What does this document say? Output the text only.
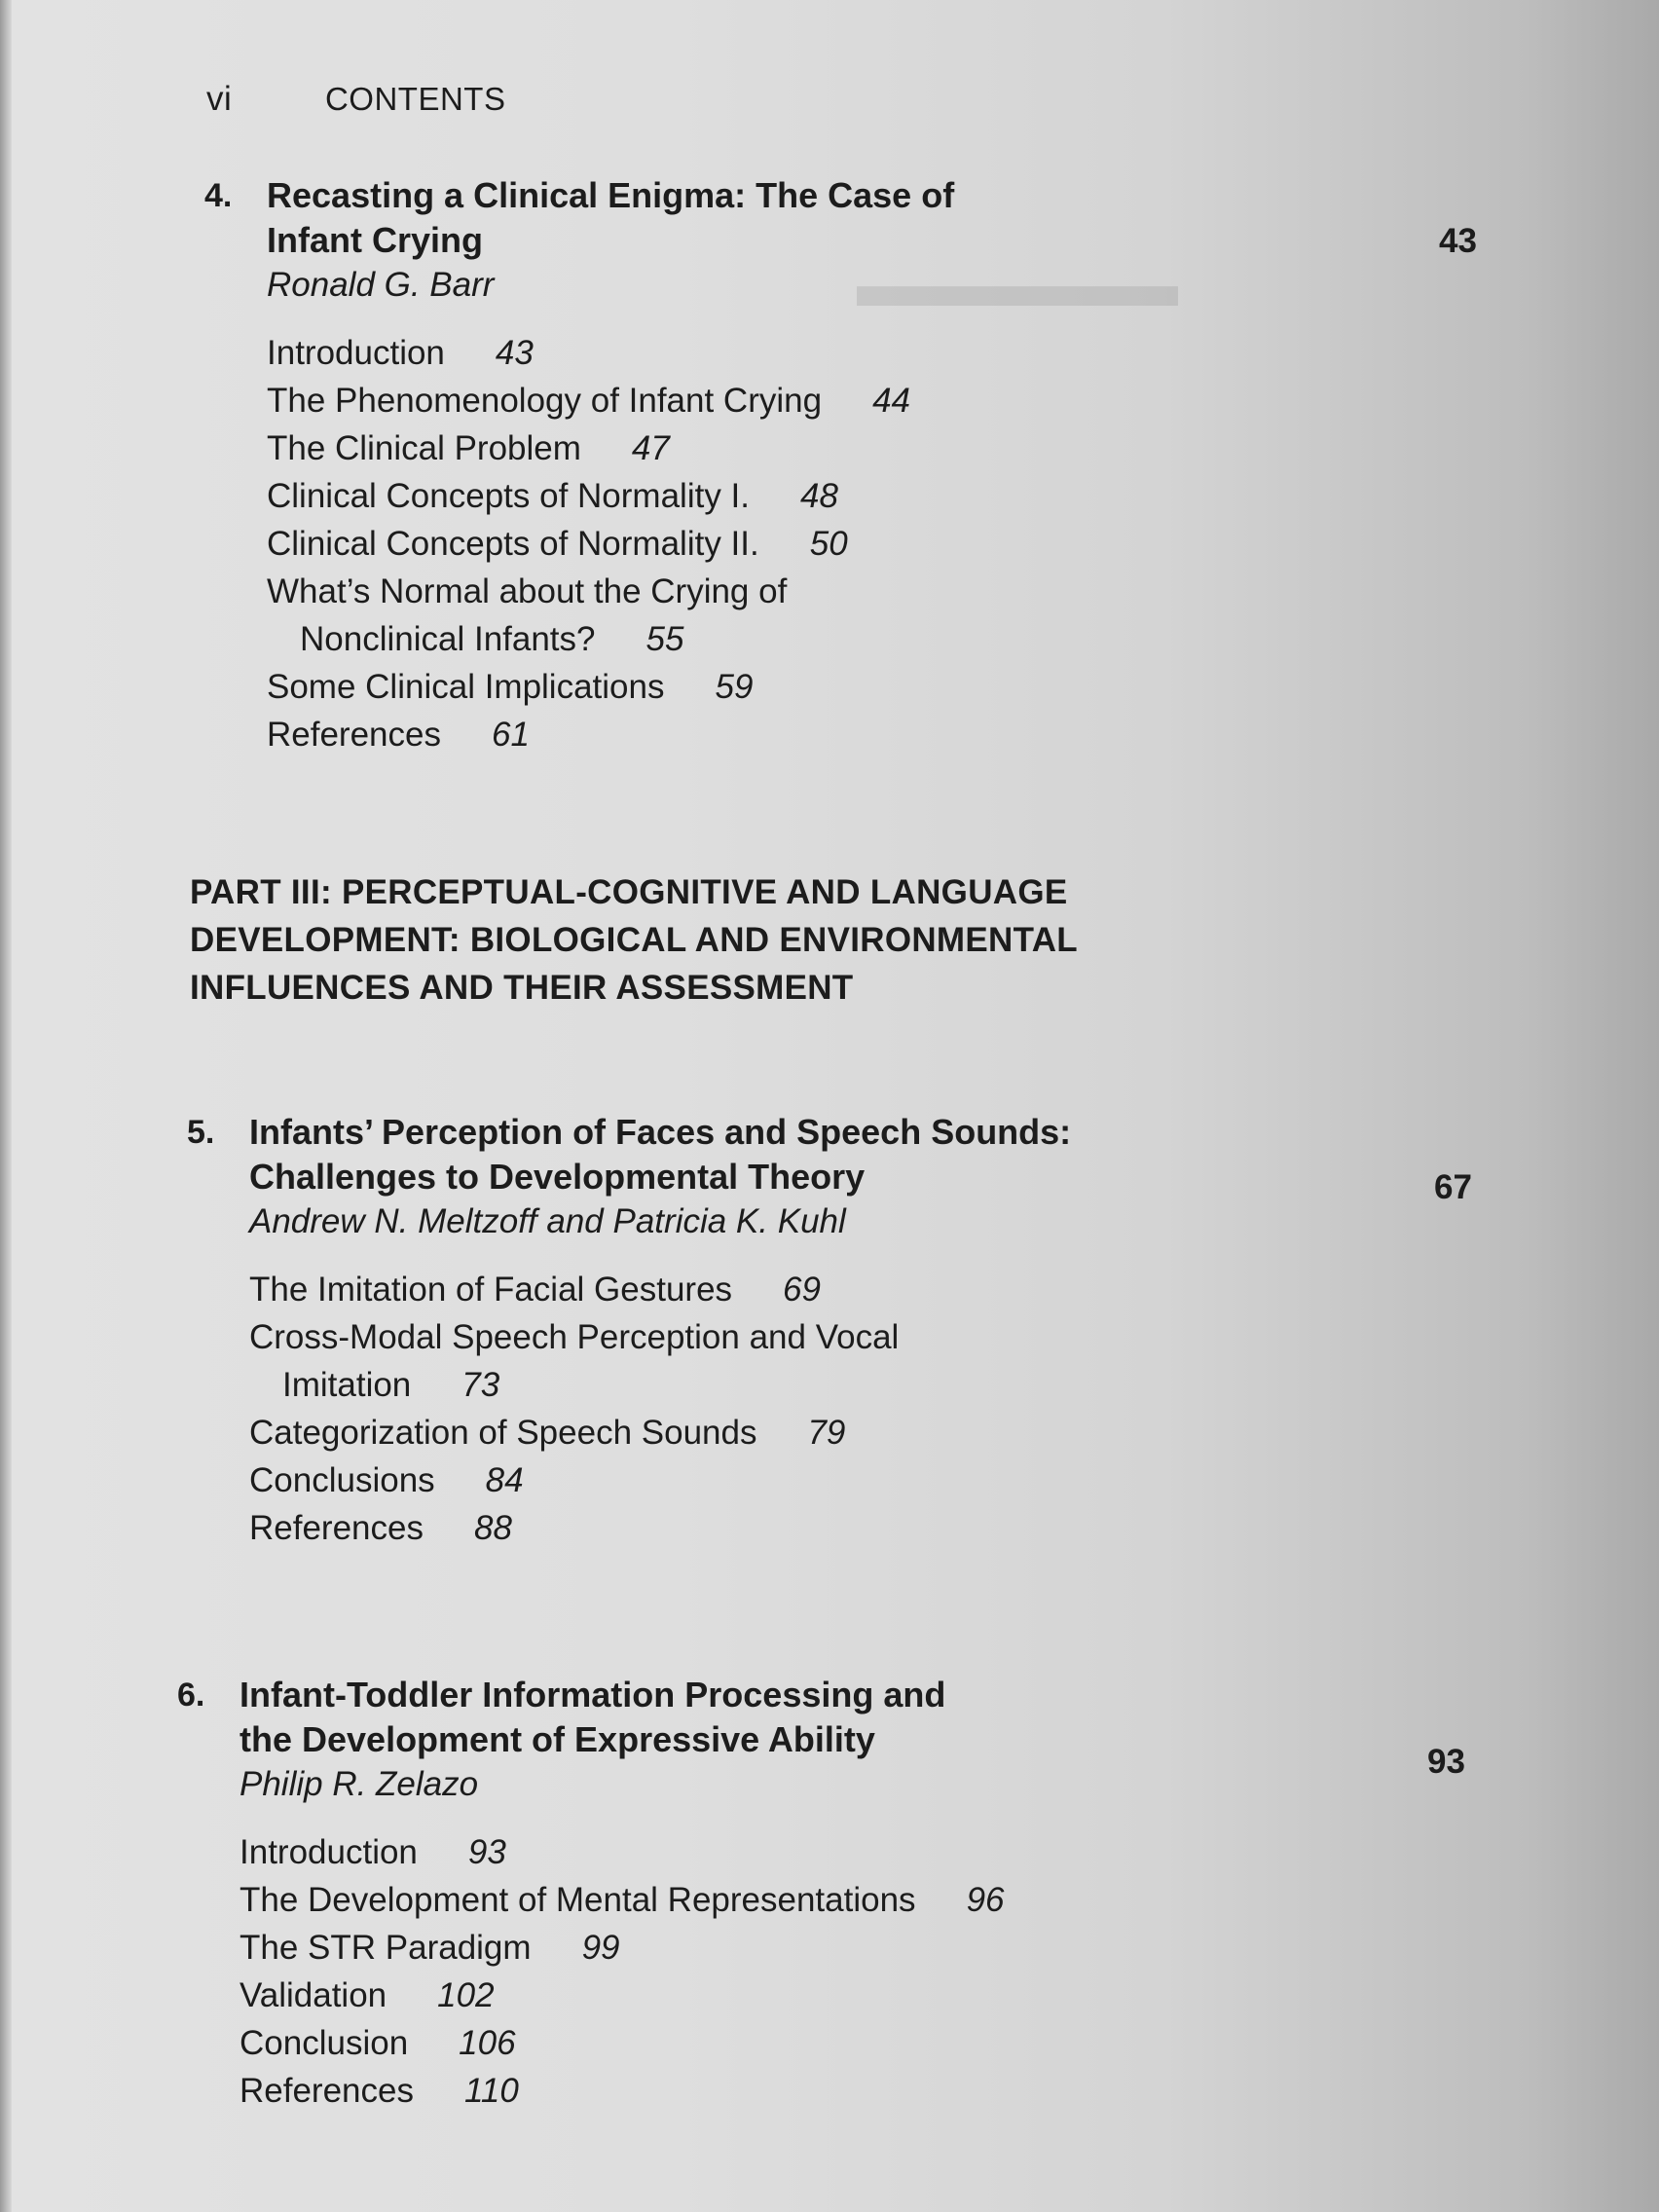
▬▬▬▬▬
vi	CONTENTS
4. Recasting a Clinical Enigma: The Case of
Infant Crying

Ronald G. Barr

Introduction 43
The Phenomenology of Infant Crying 44
The Clinical Problem 47
Clinical Concepts of Normality I. 48
Clinical Concepts of Normality II. 50
What’s Normal about the Crying of
Nonclinical Infants? 55
Some Clinical Implications 59
References 61
43
PART III: PERCEPTUAL-COGNITIVE AND LANGUAGE
DEVELOPMENT: BIOLOGICAL AND ENVIRONMENTAL
INFLUENCES AND THEIR ASSESSMENT
5. Infants’ Perception of Faces and Speech Sounds:
Challenges to Developmental Theory

Andrew N. Meltzoff and Patricia K. Kuhl

The Imitation of Facial Gestures 69
Cross-Modal Speech Perception and Vocal
Imitation 73
Categorization of Speech Sounds 79
Conclusions 84
References 88
67
6. Infant-Toddler Information Processing and
the Development of Expressive Ability

Philip R. Zelazo

Introduction 93
The Development of Mental Representations 96
The STR Paradigm 99
Validation 102
Conclusion 106
References 110
93
